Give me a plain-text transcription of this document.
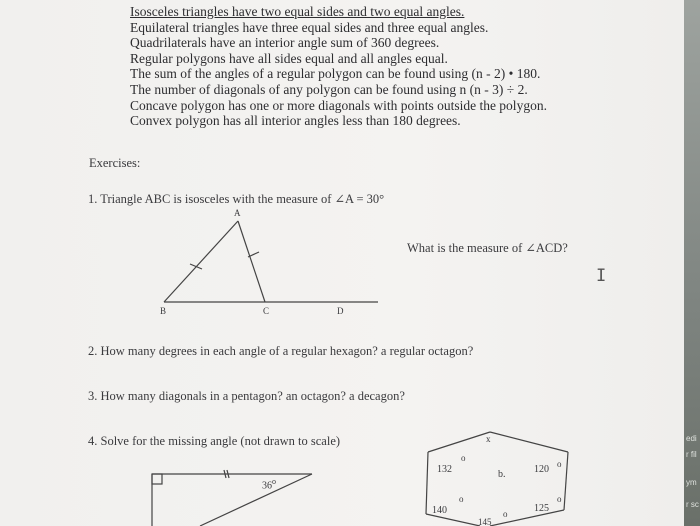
Isosceles triangles have two equal sides and two equal angles.
Equilateral triangles have three equal sides and three equal angles.
Quadrilaterals have an interior angle sum of 360 degrees.
Regular polygons have all sides equal and all angles equal.
The sum of the angles of a regular polygon can be found using (n - 2) • 180.
The number of diagonals of any polygon can be found using n (n - 3) ÷ 2.
Concave polygon has one or more diagonals with points outside the polygon.
Convex polygon has all interior angles less than 180 degrees.
Exercises:
1. Triangle ABC is isosceles with the measure of ∠A = 30°
What is the measure of ∠ACD?
A
B	C	D
2. How many degrees in each angle of a regular hexagon? a regular octagon?
3. How many diagonals in a pentagon? an octagon? a decagon?
4. Solve for the missing angle (not drawn to scale)
36$^o$
x
132
o
b.	120 o
140
o
125
o
145
o
I
edi
r fil
ym
r sc
